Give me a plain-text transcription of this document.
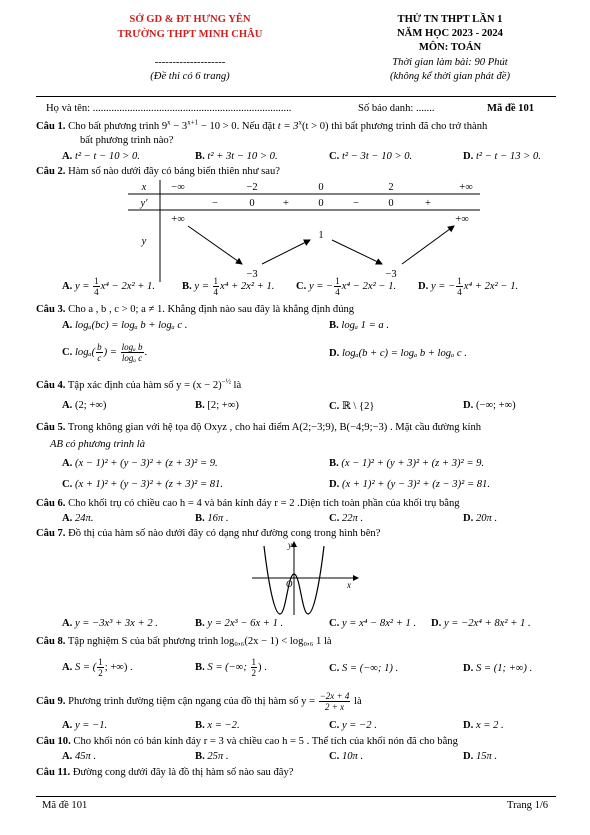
SỞ GD & ĐT HƯNG YÊN
TRƯỜNG THPT MINH CHÂU
--------------------
(Đề thi có 6 trang)
THỬ TN THPT LẦN 1
NĂM HỌC 2023 - 2024
MÔN: TOÁN
Thời gian làm bài: 90 Phút
(không kể thời gian phát đề)
Họ và tên: ...........................................................................	Số báo danh: .......	Mã đề 101
Câu 1. Cho bất phương trình $9^x - 3^{x+1} - 10 > 0$. Nếu đặt $t = 3^x(t > 0)$ thì bất phương trình đã cho trở thành
bất phương trình nào?
A. t² − t − 10 > 0.	B. t² + 3t − 10 > 0.	C. t² − 3t − 10 > 0.	D. t² − t − 13 > 0.
Câu 2. Hàm số nào dưới đây có bảng biến thiên như sau?
x −∞	−2	0	2	+∞
y′	−	0	+	0	−	0	+
y
+∞
1
+∞
−3	−3
A. $y = \frac{1}{4} x^4 - 2x^2 + 1$.	B. $y = \frac{1}{4} x^4 + 2x^2 + 1$. C. y = − $\frac{1}{4} x^4 - 2x^2 - 1$. D. y = − $\frac{1}{4} x^4 + 2x^2 - 1$.
Câu 3. Cho a , b , c > 0; a ≠ 1. Khẳng định nào sau đây là khẳng định đúng
A. logₐ(bc) = logₐ b + logₐ c .	B. logₐ 1 = a .
C. $\log_a( \frac{b}{c}$ ) = $\frac{\text{logₐ b}}{\text{logₐ c}}$ .	D. logₐ(b + c) = logₐ b + logₐ c .
Câu 4. Tập xác định của hàm số $y = (x - 2)^{-\frac{1}{2}}$ là
A. (2; +∞)	B. [2; +∞)	C. ℝ \ {2}	D. (−∞; +∞)
Câu 5. Trong không gian với hệ tọa độ Oxyz , cho hai điểm A(2;−3;9), B(−4;9;−3) . Mặt cầu đường kính
AB có phương trình là
A. (x − 1)² + (y − 3)² + (z + 3)² = 9.	B. (x − 1)² + (y + 3)² + (z + 3)² = 9.
C. (x + 1)² + (y − 3)² + (z + 3)² = 81.	D. (x + 1)² + (y − 3)² + (z − 3)² = 81.
Câu 6. Cho khối trụ có chiều cao h = 4 và bán kính đáy r = 2 .Diện tích toàn phần của khối trụ bằng
A. 24π.	B. 16π .	C. 22π .	D. 20π .
Câu 7. Đồ thị của hàm số nào dưới đây có dạng như đường cong trong hình bên?
y
x
O
A. y = −3x³ + 3x + 2 .	B. y = 2x³ − 6x + 1 .	C. y = x⁴ − 8x² + 1 . D. y = −2x⁴ + 8x² + 1 .
Câu 8. Tập nghiệm S của bất phương trình log₀,₆(2x − 1) < log₀,₆ 1 là
A. S = ( $\frac{1}{2}$ ; +∞) .	B. S = (−∞; $\frac{1}{2}$ ) .	C. S = (−∞; 1) .	D. S = (1; +∞) .
Câu 9. Phương trình đường tiệm cận ngang của đồ thị hàm số $y = \frac{-2x + 4}{2 + x}$ là
A. y = −1.	B. x = −2.	C. y = −2 .	D. x = 2 .
Câu 10. Cho khối nón có bán kính đáy r = 3 và chiều cao h = 5 . Thể tích của khối nón đã cho bằng
A. 45π .	B. 25π .	C. 10π .	D. 15π .
Câu 11. Đường cong dưới đây là đồ thị hàm số nào sau đây?
Mã đề 101	Trang 1/6
